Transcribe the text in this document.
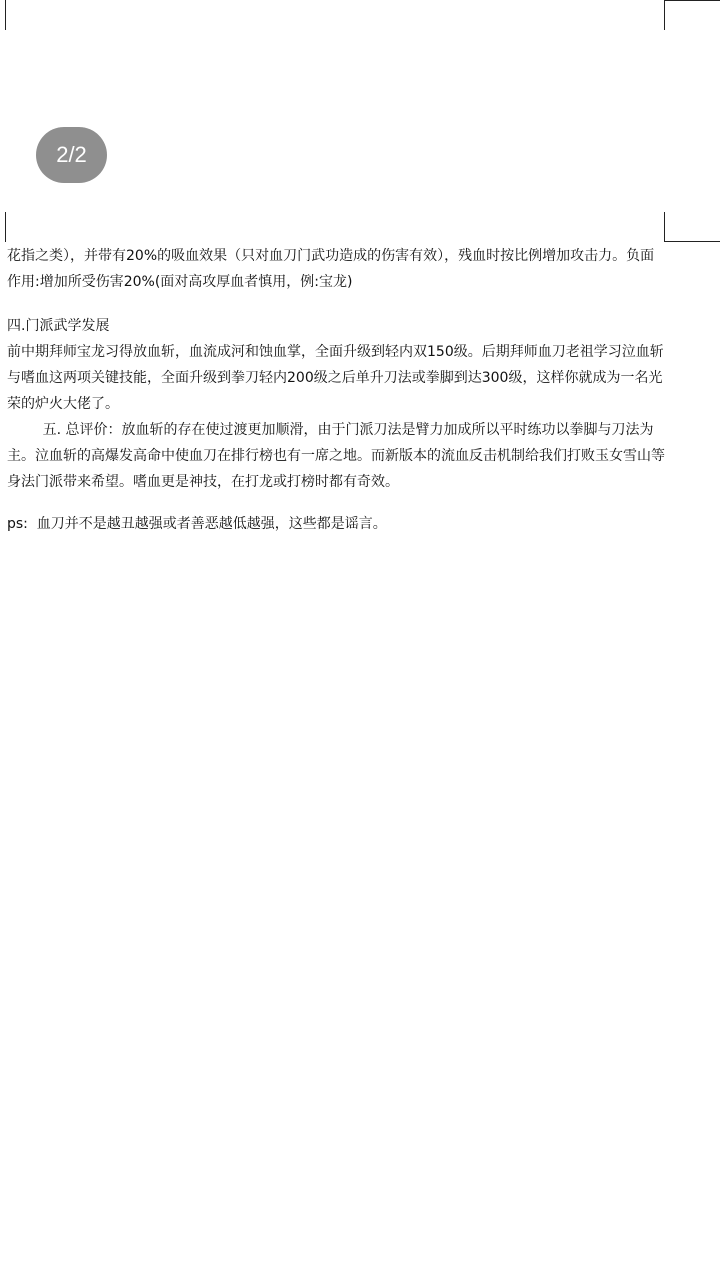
2/2

花指之类），并带有20%的吸血效果（只对血刀门武功造成的伤害有效），残血时按比例增加攻击力。负面作用:增加所受伤害20%(面对高攻厚血者慎用，例:宝龙)

四.门派武学发展

前中期拜师宝龙习得放血斩，血流成河和蚀血掌，全面升级到轻内双150级。后期拜师血刀老祖学习泣血斩与嗜血这两项关键技能，全面升级到拳刀轻内200级之后单升刀法或拳脚到达300级，这样你就成为一名光荣的炉火大佬了。

五. 总评价：放血斩的存在使过渡更加顺滑，由于门派刀法是臂力加成所以平时练功以拳脚与刀法为主。泣血斩的高爆发高命中使血刀在排行榜也有一席之地。而新版本的流血反击机制给我们打败玉女雪山等身法门派带来希望。嗜血更是神技，在打龙或打榜时都有奇效。

ps:  血刀并不是越丑越强或者善恶越低越强，这些都是谣言。
